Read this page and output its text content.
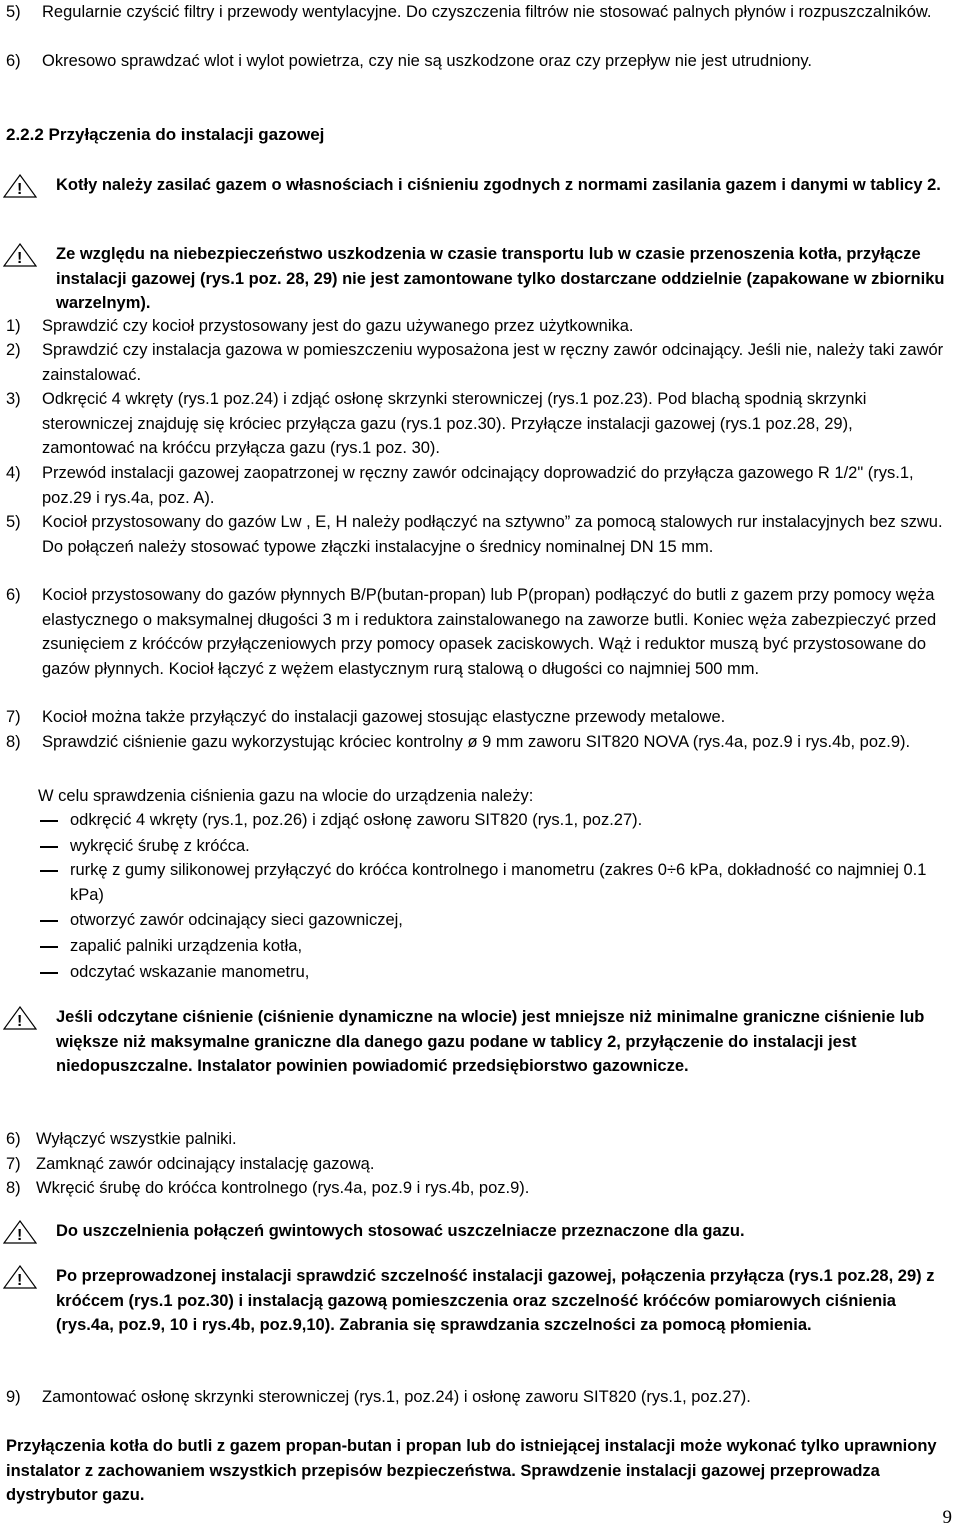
5)	Regularnie czyścić filtry i przewody wentylacyjne. Do czyszczenia filtrów nie stosować palnych płynów i rozpuszczalników.
6)	Okresowo sprawdzać wlot i wylot powietrza, czy nie są uszkodzone oraz czy przepływ nie jest utrudniony.
2.2.2 Przyłączenia do instalacji gazowej
! Kotły należy zasilać gazem o własnościach i ciśnieniu zgodnych z normami zasilania gazem i danymi w tablicy 2.
! Ze względu na niebezpieczeństwo uszkodzenia w czasie transportu lub w czasie przenoszenia kotła, przyłącze instalacji gazowej (rys.1 poz. 28, 29) nie jest zamontowane tylko dostarczane oddzielnie (zapakowane w zbiorniku warzelnym).
1)	Sprawdzić czy kocioł przystosowany jest do gazu używanego przez użytkownika.
2)	Sprawdzić czy instalacja gazowa w pomieszczeniu wyposażona jest w ręczny zawór odcinający. Jeśli nie, należy taki zawór zainstalować.
3)	Odkręcić 4 wkręty (rys.1 poz.24) i zdjąć osłonę skrzynki sterowniczej (rys.1 poz.23). Pod blachą spodnią skrzynki sterowniczej znajduję się króciec przyłącza gazu (rys.1 poz.30). Przyłącze instalacji gazowej (rys.1 poz.28, 29), zamontować na króćcu przyłącza gazu (rys.1 poz. 30).
4)	Przewód instalacji gazowej zaopatrzonej w ręczny zawór odcinający doprowadzić do przyłącza gazowego R 1/2" (rys.1, poz.29 i rys.4a, poz. A).
5)	Kocioł przystosowany do gazów Lw , E, H należy podłączyć na sztywno” za pomocą stalowych rur instalacyjnych bez szwu. Do połączeń należy stosować typowe złączki instalacyjne o średnicy nominalnej DN 15 mm.
6)	Kocioł przystosowany do gazów płynnych B/P(butan-propan) lub P(propan) podłączyć do butli z gazem przy pomocy węża elastycznego o maksymalnej długości 3 m i reduktora zainstalowanego na zaworze butli. Koniec węża zabezpieczyć przed zsunięciem z króćców przyłączeniowych przy pomocy opasek zaciskowych. Wąż i reduktor muszą być przystosowane do gazów płynnych. Kocioł łączyć z wężem elastycznym rurą stalową o długości co najmniej 500 mm.
7)	Kocioł można także przyłączyć do instalacji gazowej stosując elastyczne przewody metalowe.
8)	Sprawdzić ciśnienie gazu wykorzystując króciec kontrolny ø 9 mm zaworu SIT820 NOVA (rys.4a, poz.9 i rys.4b, poz.9).
W celu sprawdzenia ciśnienia gazu na wlocie do urządzenia należy:
odkręcić 4 wkręty (rys.1, poz.26) i zdjąć osłonę zaworu SIT820 (rys.1, poz.27).
wykręcić śrubę z króćca.
rurkę z gumy silikonowej przyłączyć do króćca kontrolnego i manometru (zakres 0÷6 kPa, dokładność co najmniej 0.1 kPa)
otworzyć zawór odcinający sieci gazowniczej,
zapalić palniki urządzenia kotła,
odczytać wskazanie manometru,
! Jeśli odczytane ciśnienie (ciśnienie dynamiczne na wlocie) jest mniejsze niż minimalne graniczne ciśnienie lub większe niż maksymalne graniczne dla danego gazu podane w tablicy 2, przyłączenie do instalacji jest niedopuszczalne. Instalator powinien powiadomić przedsiębiorstwo gazownicze.
6) Wyłączyć wszystkie palniki.
7) Zamknąć zawór odcinający instalację gazową.
8) Wkręcić śrubę do króćca kontrolnego (rys.4a, poz.9 i rys.4b, poz.9).
! Do uszczelnienia połączeń gwintowych stosować uszczelniacze przeznaczone dla gazu.
! Po przeprowadzonej instalacji sprawdzić szczelność instalacji gazowej, połączenia przyłącza (rys.1 poz.28, 29) z króćcem (rys.1 poz.30) i instalacją gazową pomieszczenia oraz szczelność króćców pomiarowych ciśnienia (rys.4a, poz.9, 10 i rys.4b, poz.9,10). Zabrania się sprawdzania szczelności za pomocą płomienia.
9)	Zamontować osłonę skrzynki sterowniczej (rys.1, poz.24) i osłonę zaworu SIT820 (rys.1, poz.27).
Przyłączenia kotła do butli z gazem propan-butan i propan lub do istniejącej instalacji może wykonać tylko uprawniony instalator z zachowaniem wszystkich przepisów bezpieczeństwa. Sprawdzenie instalacji gazowej przeprowadza dystrybutor gazu.
9
